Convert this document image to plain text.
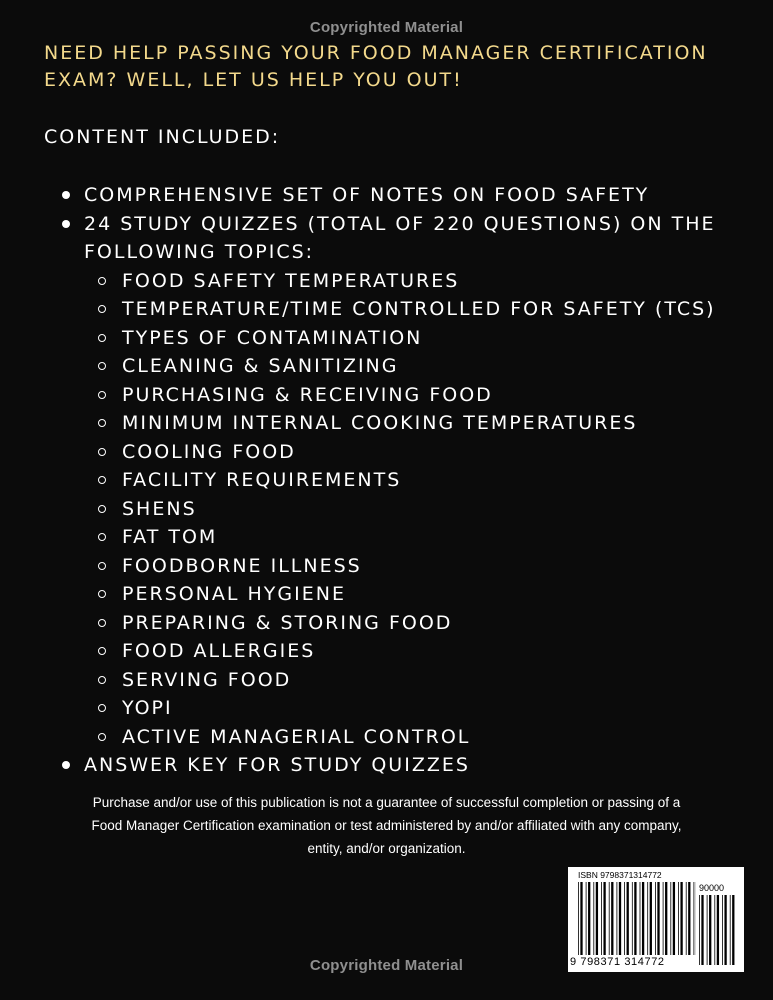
Copyrighted Material
NEED HELP PASSING YOUR FOOD MANAGER CERTIFICATION
EXAM? WELL, LET US HELP YOU OUT!
CONTENT INCLUDED:
COMPREHENSIVE SET OF NOTES ON FOOD SAFETY
24 STUDY QUIZZES (TOTAL OF 220 QUESTIONS) ON THE
FOLLOWING TOPICS:
FOOD SAFETY TEMPERATURES
TEMPERATURE/TIME CONTROLLED FOR SAFETY (TCS)
TYPES OF CONTAMINATION
CLEANING & SANITIZING
PURCHASING & RECEIVING FOOD
MINIMUM INTERNAL COOKING TEMPERATURES
COOLING FOOD
FACILITY REQUIREMENTS
SHENS
FAT TOM
FOODBORNE ILLNESS
PERSONAL HYGIENE
PREPARING & STORING FOOD
FOOD ALLERGIES
SERVING FOOD
YOPI
ACTIVE MANAGERIAL CONTROL
ANSWER KEY FOR STUDY QUIZZES
Purchase and/or use of this publication is not a guarantee of successful completion or passing of a
Food Manager Certification examination or test administered by and/or affiliated with any company,
entity, and/or organization.
ISBN 9798371314772
90000
9 798371 314772
Copyrighted Material
